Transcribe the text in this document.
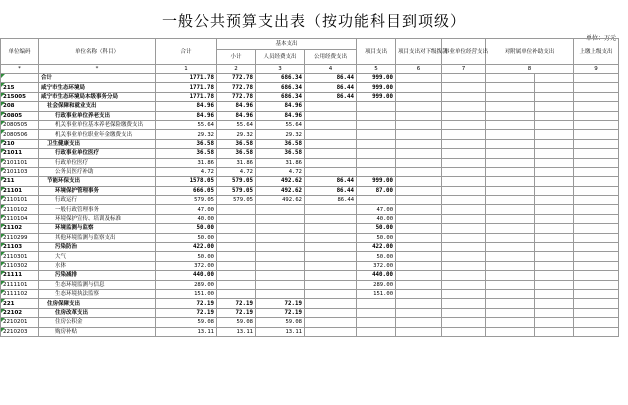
一般公共预算支出表（按功能科目到项级）
单位：万元
单位编码	单位名称（科目）	合计	基本支出			项目支出	项目支出对下级拨款	事业单位经营支出	对附属单位补助支出		上缴上级支出
			小计	人员经费支出	公用经费支出						
*	*	1	2	3	4	5	6	7	8		9
	合计	1771.78	772.78	686.34	86.44	999.00					
215	咸宁市生态环境局	1771.78	772.78	686.34	86.44	999.00					
215005	咸宁市生态环境局本级事务分局	1771.78	772.78	686.34	86.44	999.00					
208	社会保障和就业支出	84.96	84.96	84.96							
20805	行政事业单位养老支出	84.96	84.96	84.96							
2080505	机关事业单位基本养老保险缴费支出	55.64	55.64	55.64							
2080506	机关事业单位职业年金缴费支出	29.32	29.32	29.32							
210	卫生健康支出	36.58	36.58	36.58							
21011	行政事业单位医疗	36.58	36.58	36.58							
2101101	行政单位医疗	31.86	31.86	31.86							
2101103	公务员医疗补助	4.72	4.72	4.72							
211	节能环保支出	1578.05	579.05	492.62	86.44	999.00					
21101	环境保护管理事务	666.05	579.05	492.62	86.44	87.00					
2110101	行政运行	579.05	579.05	492.62	86.44						
2110102	一般行政管理事务	47.00				47.00					
2110104	环境保护宣传、培训及标准	40.00				40.00					
21102	环境监测与监察	50.00				50.00					
2110299	其他环境监测与监察支出	50.00				50.00					
21103	污染防治	422.00				422.00					
2110301	大气	50.00				50.00					
2110302	水体	372.00				372.00					
21111	污染减排	440.00				440.00					
2111101	生态环境监测与信息	289.00				289.00					
2111102	生态环境执法监察	151.00				151.00					
221	住房保障支出	72.19	72.19	72.19							
22102	住房改革支出	72.19	72.19	72.19							
2210201	住房公积金	59.08	59.08	59.08							
2210203	购房补贴	13.11	13.11	13.11							
